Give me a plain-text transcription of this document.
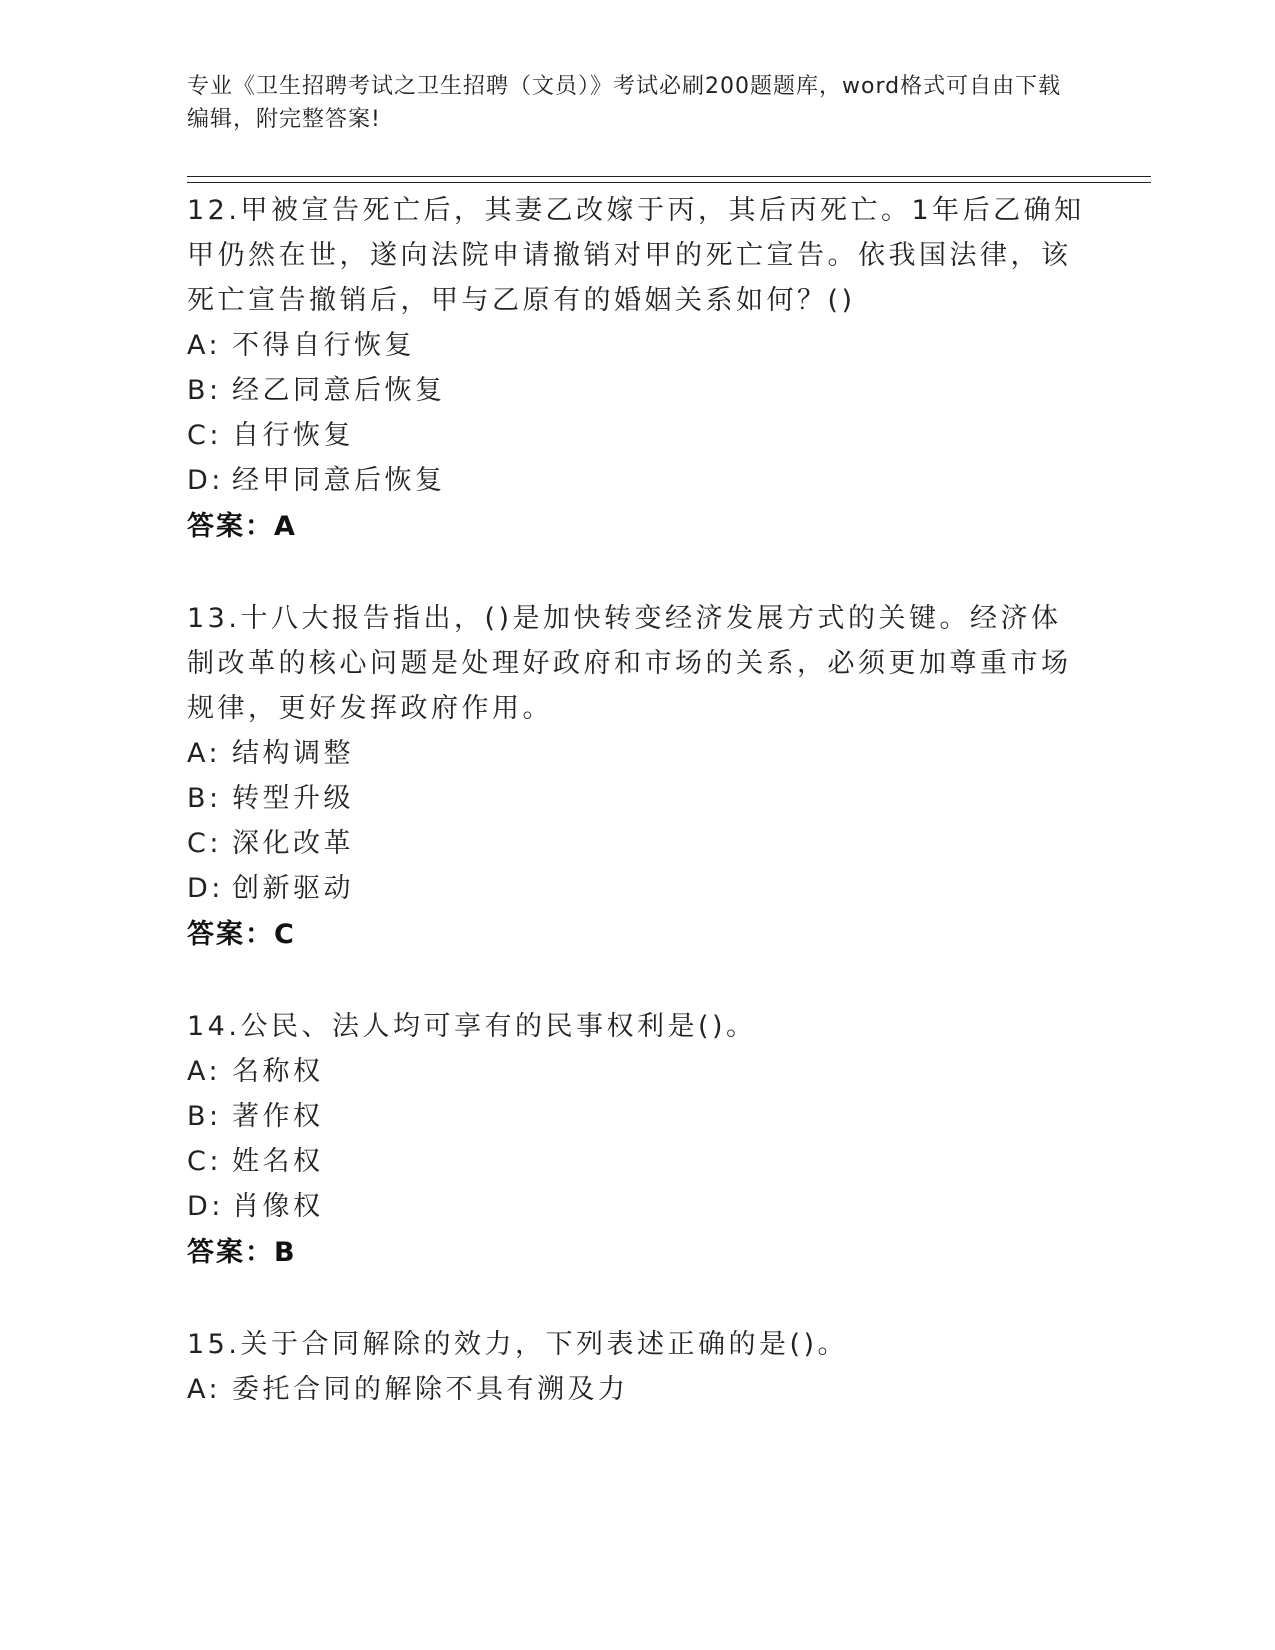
专业《卫生招聘考试之卫生招聘（文员）》考试必刷200题题库，word格式可自由下载编辑，附完整答案!
12.甲被宣告死亡后，其妻乙改嫁于丙，其后丙死亡。1年后乙确知甲仍然在世，遂向法院申请撤销对甲的死亡宣告。依我国法律，该死亡宣告撤销后，甲与乙原有的婚姻关系如何？()
A: 不得自行恢复
B: 经乙同意后恢复
C: 自行恢复
D: 经甲同意后恢复
答案：A
13.十八大报告指出，()是加快转变经济发展方式的关键。经济体制改革的核心问题是处理好政府和市场的关系，必须更加尊重市场规律，更好发挥政府作用。
A: 结构调整
B: 转型升级
C: 深化改革
D: 创新驱动
答案：C
14.公民、法人均可享有的民事权利是()。
A: 名称权
B: 著作权
C: 姓名权
D: 肖像权
答案：B
15.关于合同解除的效力，下列表述正确的是()。
A: 委托合同的解除不具有溯及力
